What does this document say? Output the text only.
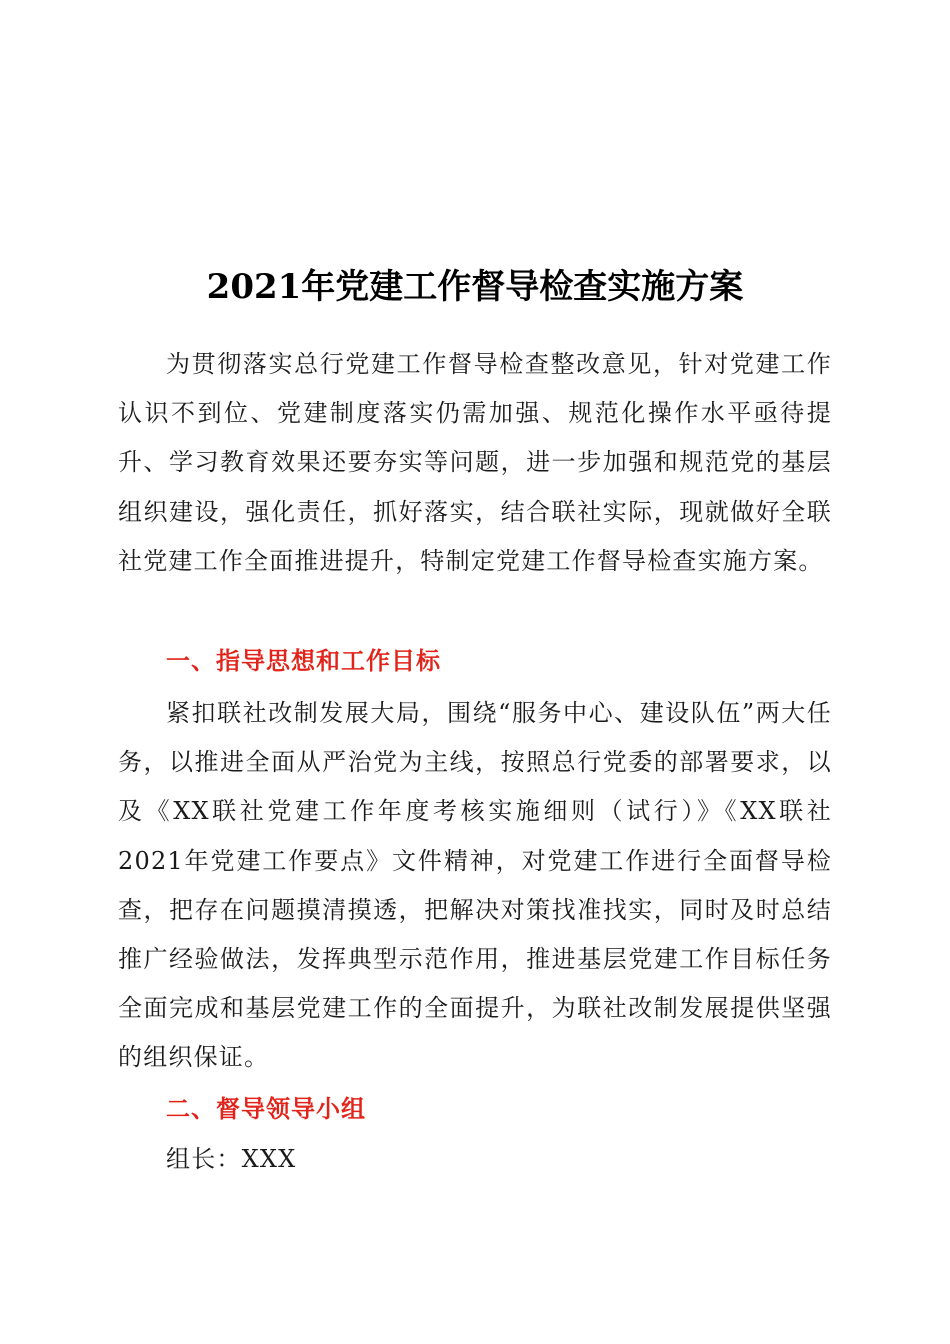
2021年党建工作督导检查实施方案

为贯彻落实总行党建工作督导检查整改意见，针对党建工作认识不到位、党建制度落实仍需加强、规范化操作水平亟待提升、学习教育效果还要夯实等问题，进一步加强和规范党的基层组织建设，强化责任，抓好落实，结合联社实际，现就做好全联社党建工作全面推进提升，特制定党建工作督导检查实施方案。

一、指导思想和工作目标

紧扣联社改制发展大局，围绕“服务中心、建设队伍”两大任务，以推进全面从严治党为主线，按照总行党委的部署要求，以及《XX联社党建工作年度考核实施细则（试行）》《XX联社2021年党建工作要点》文件精神，对党建工作进行全面督导检查，把存在问题摸清摸透，把解决对策找准找实，同时及时总结推广经验做法，发挥典型示范作用，推进基层党建工作目标任务全面完成和基层党建工作的全面提升，为联社改制发展提供坚强的组织保证。

二、督导领导小组

组长：XXX
